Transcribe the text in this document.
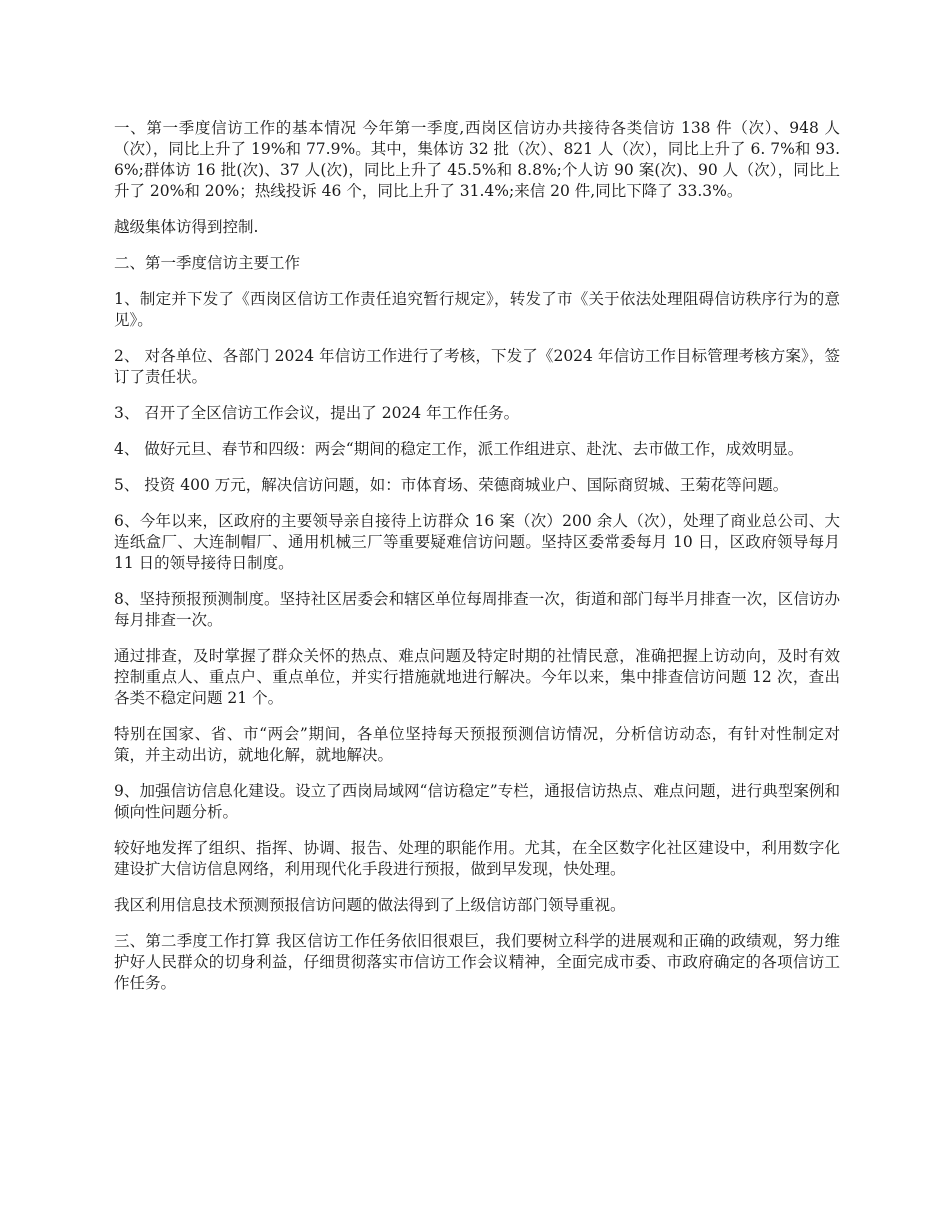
一、第一季度信访工作的基本情况 今年第一季度,西岗区信访办共接待各类信访 138 件（次）、948 人（次），同比上升了 19%和 77.9%。其中，集体访 32 批（次）、821 人（次），同比上升了 6. 7%和 93.6%;群体访 16 批(次)、37 人(次)，同比上升了 45.5%和 8.8%;个人访 90 案(次)、90 人（次），同比上升了 20%和 20%；热线投诉 46 个，同比上升了 31.4%;来信 20 件,同比下降了 33.3%。

越级集体访得到控制.

二、第一季度信访主要工作

1、制定并下发了《西岗区信访工作责任追究暂行规定》，转发了市《关于依法处理阻碍信访秩序行为的意见》。

2、 对各单位、各部门 2024 年信访工作进行了考核，下发了《2024 年信访工作目标管理考核方案》，签订了责任状。

3、 召开了全区信访工作会议，提出了 2024 年工作任务。

4、 做好元旦、春节和四级：两会“期间的稳定工作，派工作组进京、赴沈、去市做工作，成效明显。

5、 投资 400 万元，解决信访问题，如：市体育场、荣德商城业户、国际商贸城、王菊花等问题。

6、今年以来，区政府的主要领导亲自接待上访群众 16 案（次）200 余人（次），处理了商业总公司、大连纸盒厂、大连制帽厂、通用机械三厂等重要疑难信访问题。坚持区委常委每月 10 日，区政府领导每月 11 日的领导接待日制度。

8、坚持预报预测制度。坚持社区居委会和辖区单位每周排查一次，街道和部门每半月排查一次，区信访办每月排查一次。

通过排查，及时掌握了群众关怀的热点、难点问题及特定时期的社情民意，准确把握上访动向，及时有效控制重点人、重点户、重点单位，并实行措施就地进行解决。今年以来，集中排查信访问题 12 次，查出各类不稳定问题 21 个。

特别在国家、省、市“两会”期间，各单位坚持每天预报预测信访情况，分析信访动态，有针对性制定对策，并主动出访，就地化解，就地解决。

9、加强信访信息化建设。设立了西岗局域网“信访稳定”专栏，通报信访热点、难点问题，进行典型案例和倾向性问题分析。

较好地发挥了组织、指挥、协调、报告、处理的职能作用。尤其，在全区数字化社区建设中，利用数字化建设扩大信访信息网络，利用现代化手段进行预报，做到早发现，快处理。

我区利用信息技术预测预报信访问题的做法得到了上级信访部门领导重视。

三、第二季度工作打算 我区信访工作任务依旧很艰巨，我们要树立科学的进展观和正确的政绩观，努力维护好人民群众的切身利益，仔细贯彻落实市信访工作会议精神，全面完成市委、市政府确定的各项信访工作任务。
